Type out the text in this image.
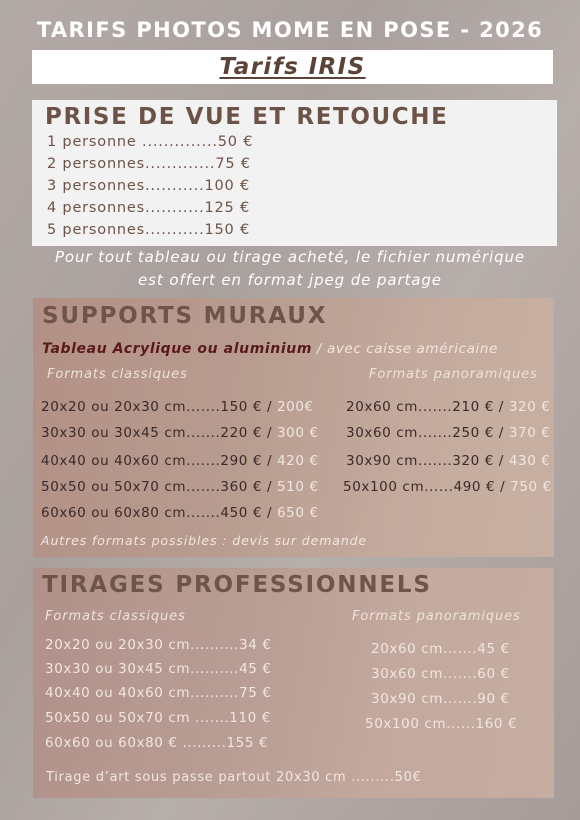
TARIFS PHOTOS MOME EN POSE - 2026
Tarifs IRIS
PRISE DE VUE ET RETOUCHE
1 personne ..............50 €
2 personnes.............75 €
3 personnes...........100 €
4 personnes...........125 €
5 personnes...........150 €
Pour tout tableau ou tirage acheté, le fichier numérique
est offert en format jpeg de partage
SUPPORTS MURAUX
Tableau Acrylique ou aluminium / avec caisse américaine
Formats classiques	Formats panoramiques
20x20 ou 20x30 cm.......150 € / 200€
30x30 ou 30x45 cm.......220 € / 300 €
40x40 ou 40x60 cm.......290 € / 420 €
50x50 ou 50x70 cm.......360 € / 510 €
60x60 ou 60x80 cm.......450 € / 650 €
20x60 cm.......210 € / 320 €
30x60 cm.......250 € / 370 €
30x90 cm.......320 € / 430 €
50x100 cm......490 € / 750 €
Autres formats possibles : devis sur demande
TIRAGES PROFESSIONNELS
Formats classiques	Formats panoramiques
20x20 ou 20x30 cm..........34 €
30x30 ou 30x45 cm..........45 €
40x40 ou 40x60 cm..........75 €
50x50 ou 50x70 cm .......110 €
60x60 ou 60x80 € .........155 €
20x60 cm.......45 €
30x60 cm.......60 €
30x90 cm.......90 €
50x100 cm......160 €
Tirage d’art sous passe partout 20x30 cm .........50€
